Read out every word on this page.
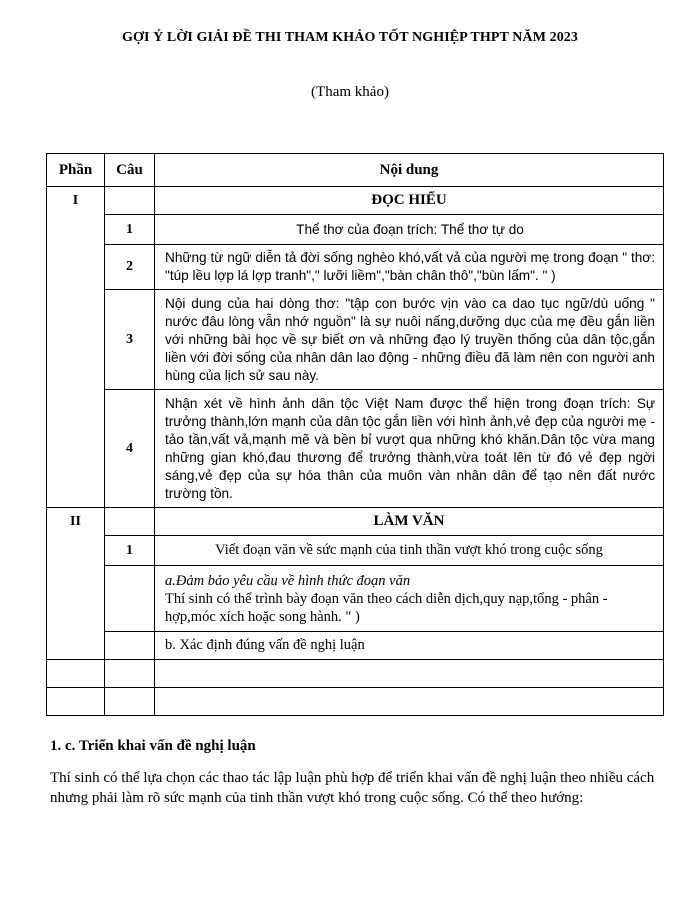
GỢI Ý LỜI GIẢI ĐỀ THI THAM KHẢO TỐT NGHIỆP THPT NĂM 2023
(Tham khảo)
Phần	Câu	Nội dung
I		ĐỌC HIỂU
	1	Thể thơ của đoạn trích: Thể thơ tự do
	2	Những từ ngữ diễn tả đời sống nghèo khó,vất vả của người mẹ trong đoạn " thơ: "túp lều lợp lá lợp tranh"," lưỡi liềm","bàn chân thô","bùn lấm". " )
	3	Nội dung của hai dòng thơ: "tập con bước vịn vào ca dao tục ngữ/dù uống " nước đâu lòng vẫn nhớ nguồn" là sự nuôi nấng,dưỡng dục của mẹ đều gắn liền với những bài học về sự biết ơn và những đạo lý truyền thống của dân tộc,gắn liền với đời sống của nhân dân lao động - những điều đã làm nên con người anh hùng của lịch sử sau này.
	4	Nhận xét về hình ảnh dân tộc Việt Nam được thể hiện trong đoạn trích: Sự trưởng thành,lớn mạnh của dân tộc gắn liền với hình ảnh,vẻ đẹp của người mẹ - tảo tần,vất vả,mạnh mẽ và bền bỉ vượt qua những khó khăn.Dân tộc vừa mang những gian khó,đau thương để trưởng thành,vừa toát lên từ đó vẻ đẹp ngời sáng,vẻ đẹp của sự hóa thân của muôn vàn nhân dân để tạo nên đất nước trường tồn.
II		LÀM VĂN
	1	Viết đoạn văn về sức mạnh của tinh thần vượt khó trong cuộc sống

		a.Đảm bảo yêu cầu về hình thức đoạn văn
Thí sinh có thể trình bày đoạn văn theo cách diễn dịch,quy nạp,tổng - phân - hợp,móc xích hoặc song hành. " )

		b. Xác định đúng vấn đề nghị luận

1. c. Triển khai vấn đề nghị luận
Thí sinh có thể lựa chọn các thao tác lập luận phù hợp để triển khai vấn đề nghị luận theo nhiều cách nhưng phải làm rõ sức mạnh của tinh thần vượt khó trong cuộc sống. Có thể theo hướng:
